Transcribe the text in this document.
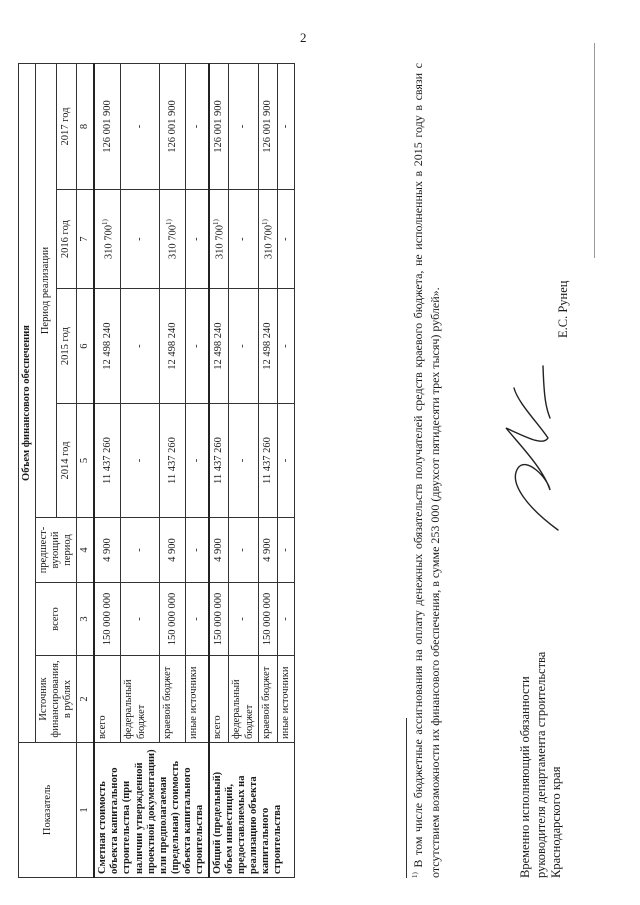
2
Показатель	Объем финансового обеспечения						
	Источник финансирования, в рублях	всего	предшест-вующий период	Период реализации			
				2014 год	2015 год	2016 год	2017 год
1	2	3	4	5	6	7	8
Сметная стоимость объекта капитального строительства (при наличии утвержденной проектной документации) или предполагаемая (предельная) стоимость объекта капитального строительства	всего	150 000 000	4 900	11 437 260	12 498 240	310 700$^{1)}$	126 001 900
	федеральный бюджет	-	-	-	-	-	-
	краевой бюджет	150 000 000	4 900	11 437 260	12 498 240	310 700$^{1)}$	126 001 900
	иные источники	-	-	-	-	-	-
Общий (предельный) объем инвестиций, предоставляемых на реализацию объекта капитального строительства	всего	150 000 000	4 900	11 437 260	12 498 240	310 700$^{1)}$	126 001 900
	федеральный бюджет	-	-	-	-	-	-
	краевой бюджет	150 000 000	4 900	11 437 260	12 498 240	310 700$^{1)}$	126 001 900
	иные источники	-	-	-	-	-	-
$^{1)}$ В том числе бюджетные ассигнования на оплату денежных обязательств получателей средств краевого бюджета, не исполненных в 2015 году в связи с отсутствием возможности их финансового обеспечения, в сумме 253 000 (двухсот пятидесяти трех тысяч) рублей».	Временно исполняющий обязанности руководителя департамента строительства Краснодарского края
Е.С. Рунец
